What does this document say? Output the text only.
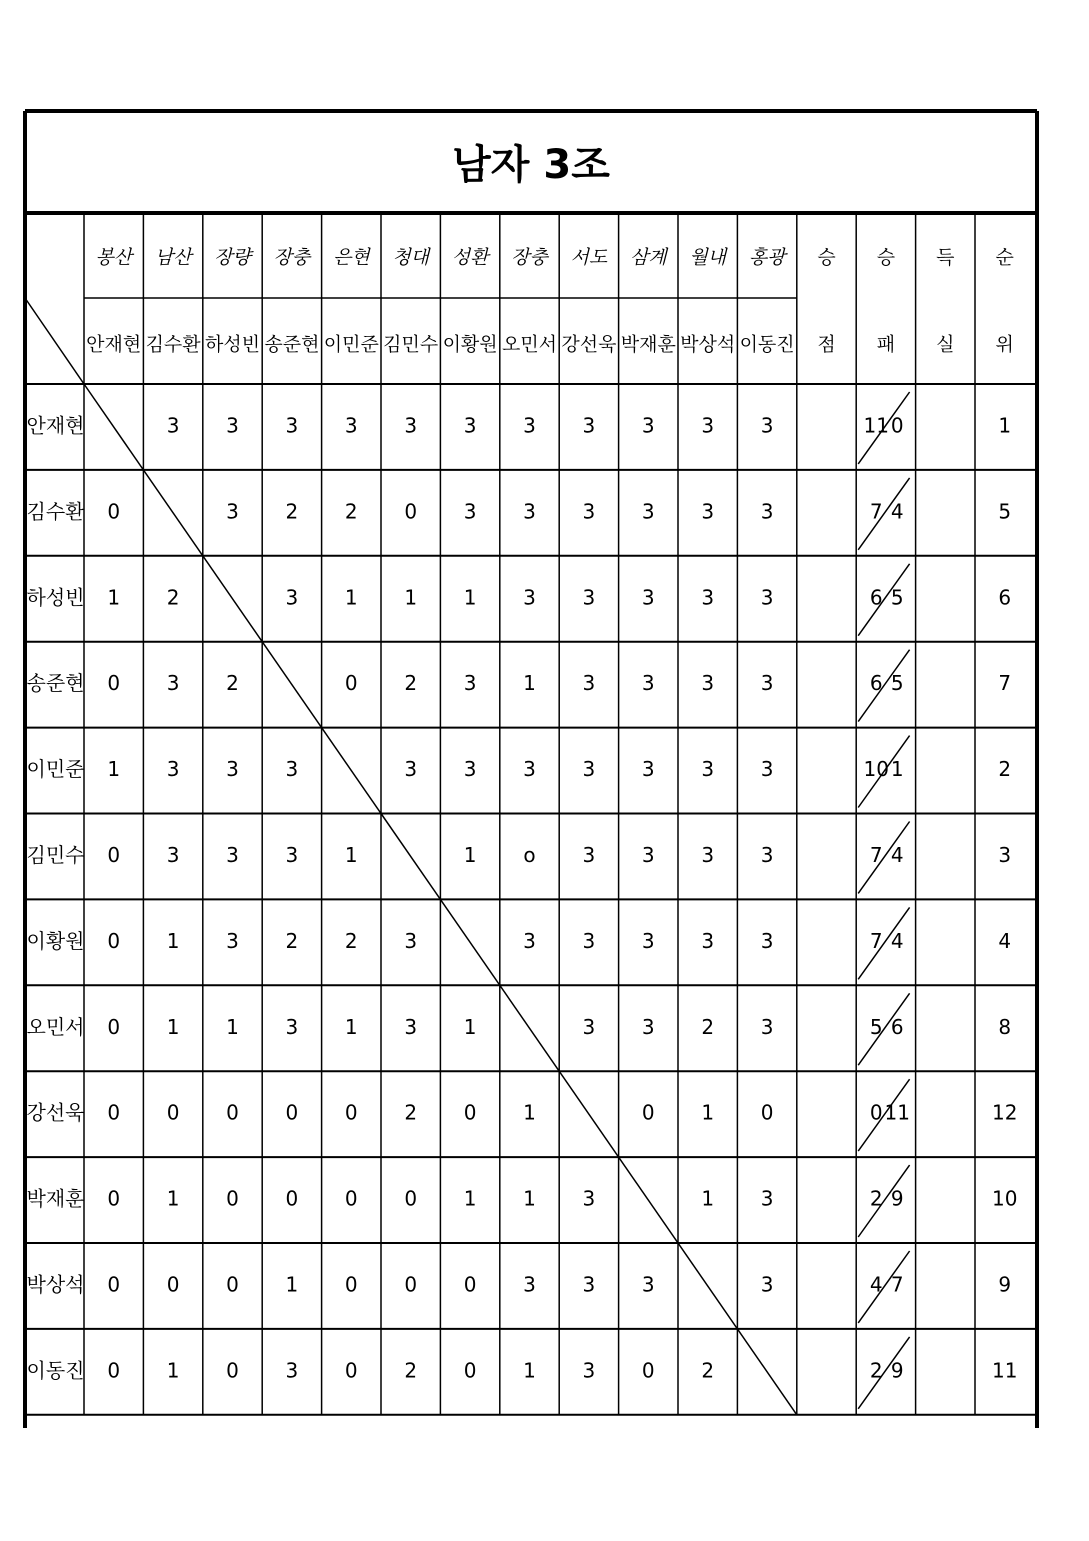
남자 3조
봉산 남산 장량 장충 은현 청대 성환 장충 서도 삼계 월내 홍광
안재현 김수환 하성빈 송준현 이민준 김민수 이황원 오민서 강선욱 박재훈 박상석 이동진
승 승 득 순
점 패 실 위
안재현	3 3 3 3 3 3 3 3 3 3 3	11 0	1
김수환 0	3 2 2 0 3 3 3 3 3 3	7 4	5
하성빈 1 2	3 1 1 1 3 3 3 3 3	6 5	6
송준현 0 3 2	0 2 3 1 3 3 3 3	6 5	7
이민준 1 3 3 3	3 3 3 3 3 3 3	10 1	2
김민수 0 3 3 3 1	1 o 3 3 3 3	7 4	3
이황원 0 1 3 2 2 3	3 3 3 3 3	7 4	4
오민서 0 1 1 3 1 3 1	3 3 2 3	5 6	8
강선욱 0 0 0 0 0 2 0 1	0 1 0	0 11	12
박재훈 0 1 0 0 0 0 1 1 3	1 3	2 9	10
박상석 0 0 0 1 0 0 0 3 3 3	3	4 7	9
이동진 0 1 0 3 0 2 0 1 3 0 2	2 9	11
